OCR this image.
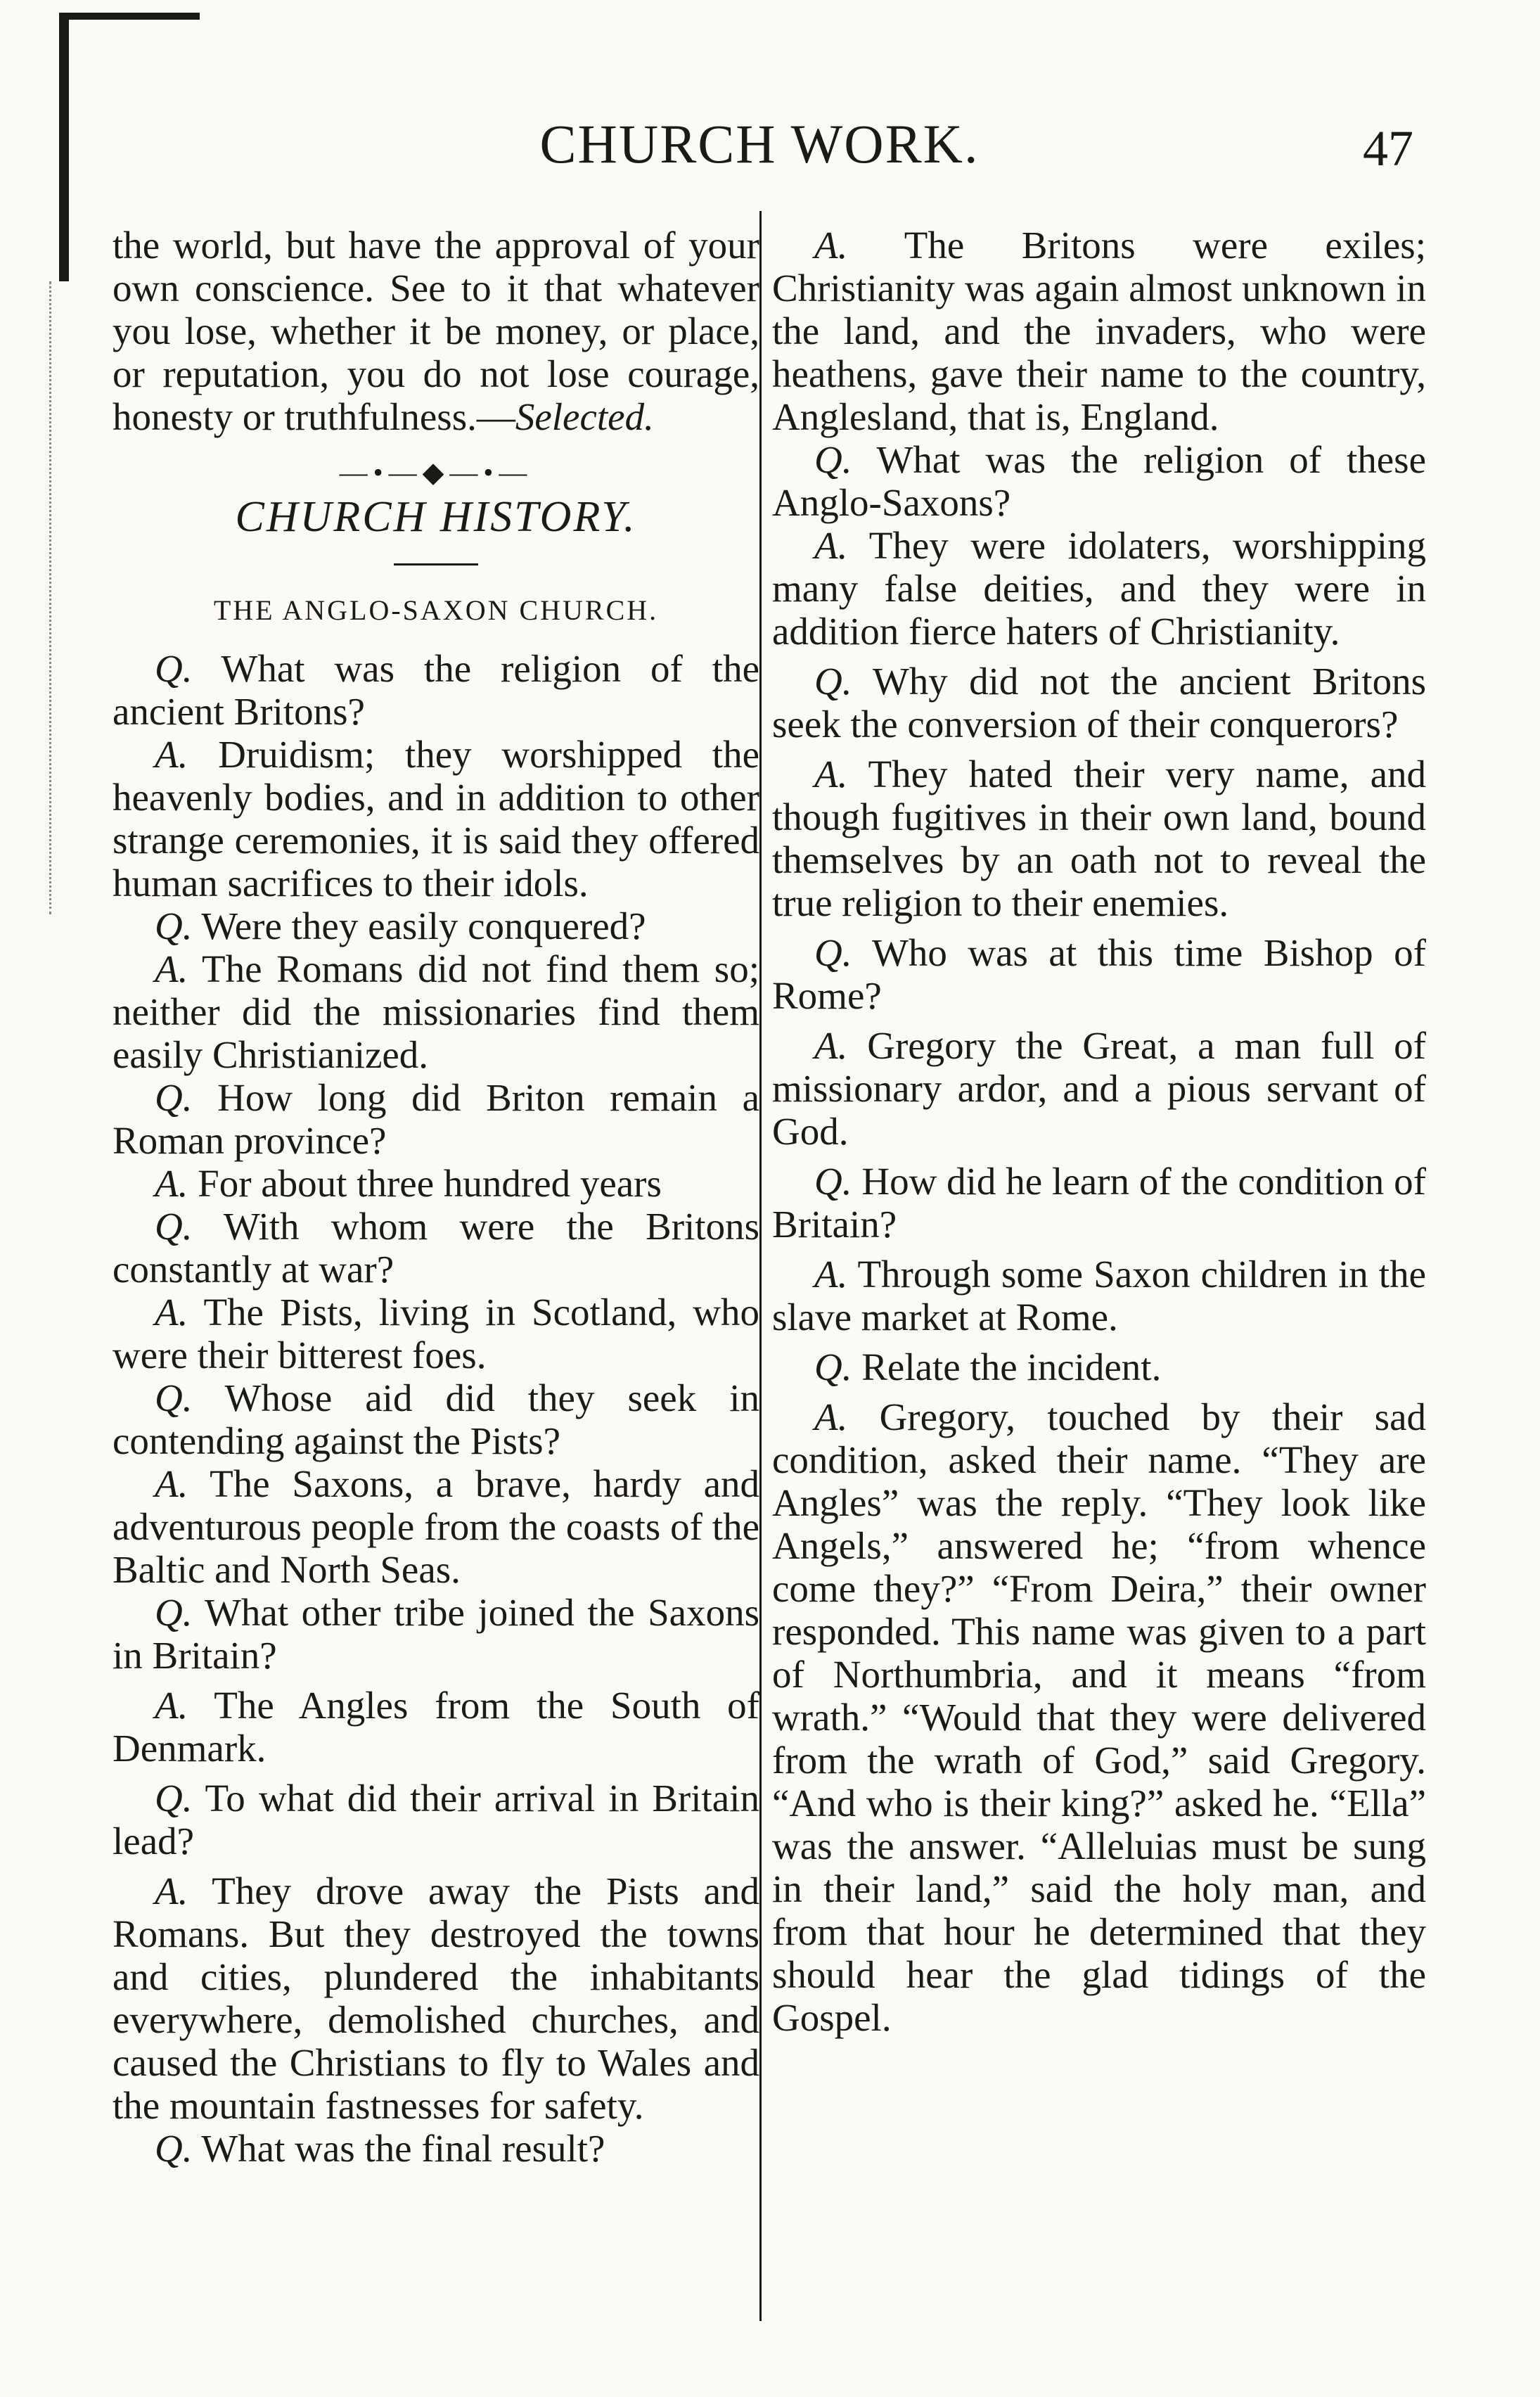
CHURCH WORK.	47

the world, but have the approval of your own conscience. See to it that whatever you lose, whether it be money, or place, or reputation, you do not lose courage, honesty or truthfulness.—Selected.

—•—◆—•—
CHURCH HISTORY.
THE ANGLO-SAXON CHURCH.

Q. What was the religion of the ancient Britons?

A. Druidism; they worshipped the heavenly bodies, and in addition to other strange ceremonies, it is said they offered human sacrifices to their idols.

Q. Were they easily conquered?

A. The Romans did not find them so; neither did the missionaries find them easily Christianized.

Q. How long did Briton remain a Roman province?

A. For about three hundred years

Q. With whom were the Britons constantly at war?

A. The Pists, living in Scotland, who were their bitterest foes.

Q. Whose aid did they seek in contending against the Pists?

A. The Saxons, a brave, hardy and adventurous people from the coasts of the Baltic and North Seas.

Q. What other tribe joined the Saxons in Britain?

A. The Angles from the South of Denmark.

Q. To what did their arrival in Britain lead?

A. They drove away the Pists and Romans. But they destroyed the towns and cities, plundered the inhabitants everywhere, demolished churches, and caused the Christians to fly to Wales and the mountain fastnesses for safety.

Q. What was the final result?

A. The Britons were exiles; Christianity was again almost unknown in the land, and the invaders, who were heathens, gave their name to the country, Anglesland, that is, England.

Q. What was the religion of these Anglo-Saxons?

A. They were idolaters, worshipping many false deities, and they were in addition fierce haters of Christianity.

Q. Why did not the ancient Britons seek the conversion of their conquerors?

A. They hated their very name, and though fugitives in their own land, bound themselves by an oath not to reveal the true religion to their enemies.

Q. Who was at this time Bishop of Rome?

A. Gregory the Great, a man full of missionary ardor, and a pious servant of God.

Q. How did he learn of the condition of Britain?

A. Through some Saxon children in the slave market at Rome.

Q. Relate the incident.

A. Gregory, touched by their sad condition, asked their name. “They are Angles” was the reply. “They look like Angels,” answered he; “from whence come they?” “From Deira,” their owner responded. This name was given to a part of Northumbria, and it means “from wrath.” “Would that they were delivered from the wrath of God,” said Gregory. “And who is their king?” asked he. “Ella” was the answer. “Alleluias must be sung in their land,” said the holy man, and from that hour he determined that they should hear the glad tidings of the Gospel.
